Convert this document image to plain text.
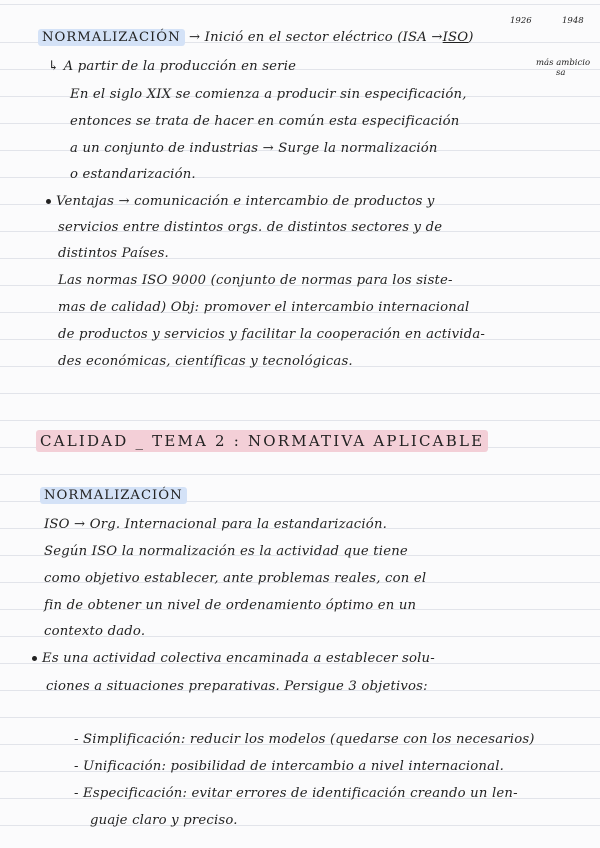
NORMALIZACIÓN → Inició en el sector eléctrico (ISA →ISO)
1926	1948
más ambicio
sa
↳ A partir de la producción en serie
En el siglo XIX se comienza a producir sin especificación,
entonces se trata de hacer en común esta especificación
a un conjunto de industrias → Surge la normalización
o estandarización.
Ventajas → comunicación e intercambio de productos y
servicios entre distintos orgs. de distintos sectores y de
distintos Países.
Las normas ISO 9000 (conjunto de normas para los siste-
mas de calidad) Obj: promover el intercambio internacional
de productos y servicios y facilitar la cooperación en activida-
des económicas, científicas y tecnológicas.
CALIDAD _ TEMA 2 : NORMATIVA APLICABLE
NORMALIZACIÓN
ISO → Org. Internacional para la estandarización.
Según ISO la normalización es la actividad que tiene
como objetivo establecer, ante problemas reales, con el
fin de obtener un nivel de ordenamiento óptimo en un
contexto dado.
Es una actividad colectiva encaminada a establecer solu-
ciones a situaciones preparativas. Persigue 3 objetivos:
- Simplificación: reducir los modelos (quedarse con los necesarios)
- Unificación: posibilidad de intercambio a nivel internacional.
- Especificación: evitar errores de identificación creando un len-
guaje claro y preciso.
